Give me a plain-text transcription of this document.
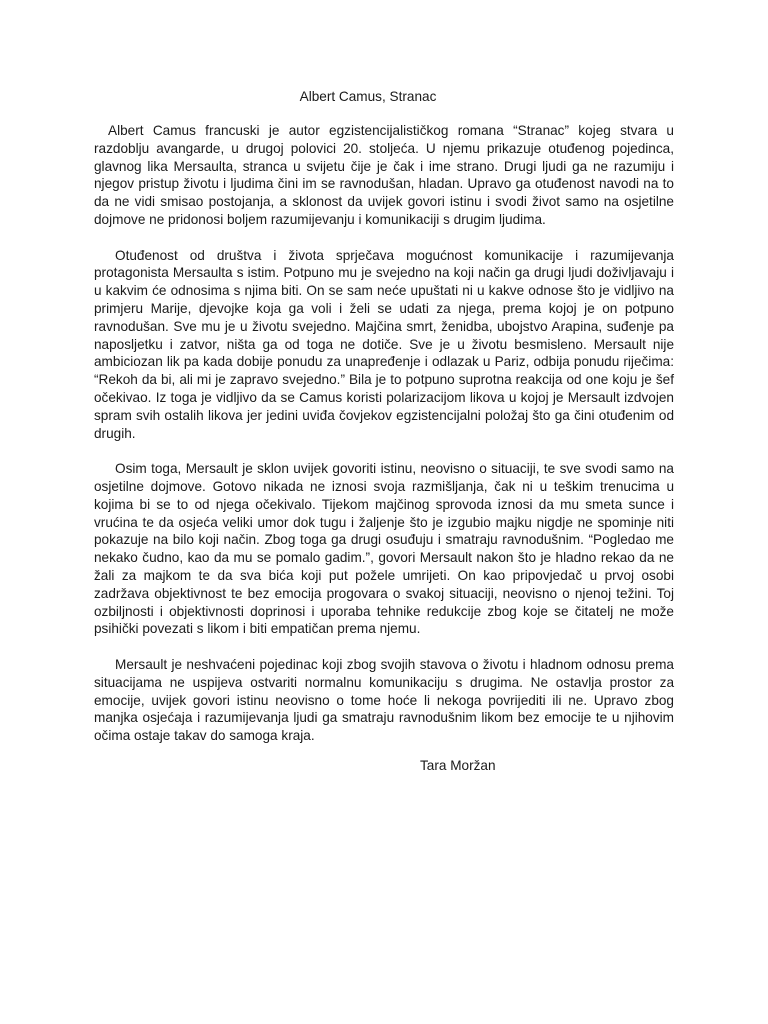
Albert Camus, Stranac

Albert Camus francuski je autor egzistencijalističkog romana “Stranac” kojeg stvara u razdoblju avangarde, u drugoj polovici 20. stoljeća. U njemu prikazuje otuđenog pojedinca, glavnog lika Mersaulta, stranca u svijetu čije je čak i ime strano. Drugi ljudi ga ne razumiju i njegov pristup životu i ljudima čini im se ravnodušan, hladan. Upravo ga otuđenost navodi na to da ne vidi smisao postojanja, a sklonost da uvijek govori istinu i svodi život samo na osjetilne dojmove ne pridonosi boljem razumijevanju i komunikaciji s drugim ljudima.

Otuđenost od društva i života sprječava mogućnost komunikacije i razumijevanja protagonista Mersaulta s istim. Potpuno mu je svejedno na koji način ga drugi ljudi doživljavaju i u kakvim će odnosima s njima biti. On se sam neće upuštati ni u kakve odnose što je vidljivo na primjeru Marije, djevojke koja ga voli i želi se udati za njega, prema kojoj je on potpuno ravnodušan. Sve mu je u životu svejedno. Majčina smrt, ženidba, ubojstvo Arapina, suđenje pa naposljetku i zatvor, ništa ga od toga ne dotiče. Sve je u životu besmisleno. Mersault nije ambiciozan lik pa kada dobije ponudu za unapređenje i odlazak u Pariz, odbija ponudu riječima: “Rekoh da bi, ali mi je zapravo svejedno.” Bila je to potpuno suprotna reakcija od one koju je šef očekivao. Iz toga je vidljivo da se Camus koristi polarizacijom likova u kojoj je Mersault izdvojen spram svih ostalih likova jer jedini uviđa čovjekov egzistencijalni položaj što ga čini otuđenim od drugih.

Osim toga, Mersault je sklon uvijek govoriti istinu, neovisno o situaciji, te sve svodi samo na osjetilne dojmove. Gotovo nikada ne iznosi svoja razmišljanja, čak ni u teškim trenucima u kojima bi se to od njega očekivalo. Tijekom majčinog sprovoda iznosi da mu smeta sunce i vrućina te da osjeća veliki umor dok tugu i žaljenje što je izgubio majku nigdje ne spominje niti pokazuje na bilo koji način. Zbog toga ga drugi osuđuju i smatraju ravnodušnim. “Pogledao me nekako čudno, kao da mu se pomalo gadim.”, govori Mersault nakon što je hladno rekao da ne žali za majkom te da sva bića koji put požele umrijeti. On kao pripovjedač u prvoj osobi zadržava objektivnost te bez emocija progovara o svakoj situaciji, neovisno o njenoj težini. Toj ozbiljnosti i objektivnosti doprinosi i uporaba tehnike redukcije zbog koje se čitatelj ne može psihički povezati s likom i biti empatičan prema njemu.

Mersault je neshvaćeni pojedinac koji zbog svojih stavova o životu i hladnom odnosu prema situacijama ne uspijeva ostvariti normalnu komunikaciju s drugima. Ne ostavlja prostor za emocije, uvijek govori istinu neovisno o tome hoće li nekoga povrijediti ili ne. Upravo zbog manjka osjećaja i razumijevanja ljudi ga smatraju ravnodušnim likom bez emocije te u njihovim očima ostaje takav do samoga kraja.

Tara Moržan
